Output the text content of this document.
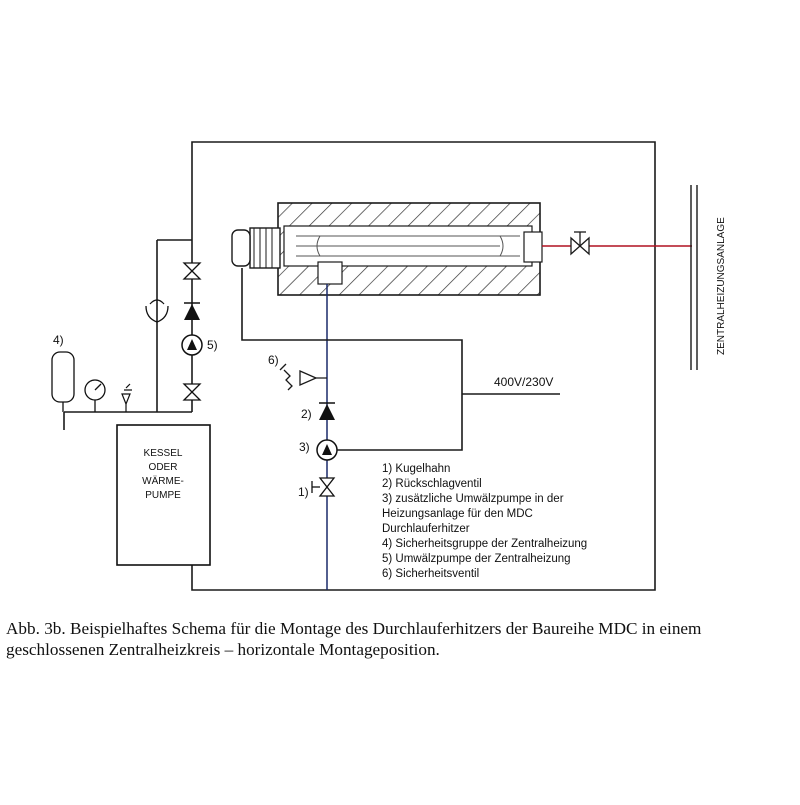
ZENTRALHEIZUNGSANLAGE
6)
2)
3)
1)
5)
4)
KESSEL
ODER
WÄRME-
PUMPE
400V/230V
1) Kugelhahn
2) Rückschlagventil
3) zusätzliche Umwälzpumpe in der
Heizungsanlage für den MDC
Durchlauferhitzer
4) Sicherheitsgruppe der Zentralheizung
5) Umwälzpumpe der Zentralheizung
6) Sicherheitsventil

Abb. 3b. Beispielhaftes Schema für die Montage des Durchlauferhitzers der Baureihe MDC in einem geschlossenen Zentralheizkreis – horizontale Montageposition.
